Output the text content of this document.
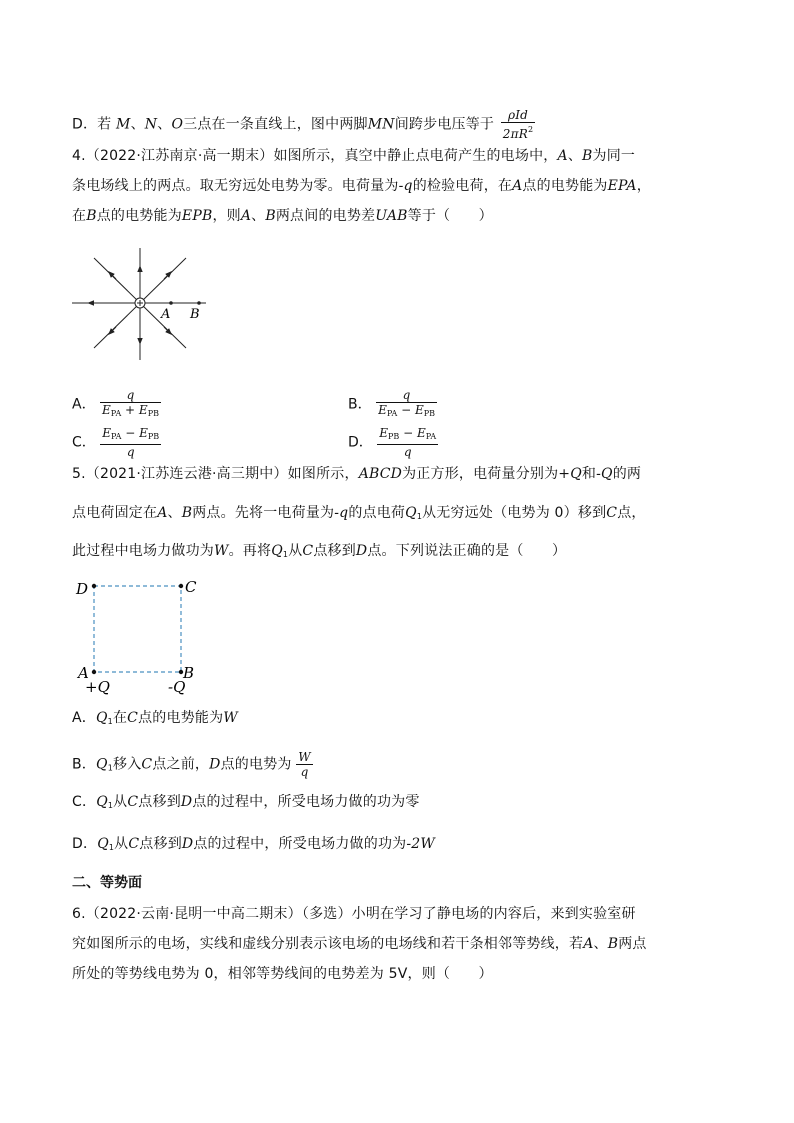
D．若 M、N、O三点在一条直线上，图中两脚MN间跨步电压等于 $\frac{\text{ρId}}{2\pi R^2}$
4.（2022·江苏南京·高一期末）如图所示，真空中静止点电荷产生的电场中，A、B为同一
条电场线上的两点。取无穷远处电势为零。电荷量为-q的检验电荷，在A点的电势能为EPA，
在B点的电势能为EPB，则A、B两点间的电势差UAB等于（　　）
A B
A． $\frac{q}{E_{PA} + E_{PB}}$	B． $\frac{q}{E_{PA} - E_{PB}}$
C． $\frac{E_{PA} - E_{PB}}{q}$	D． $\frac{E_{PB} - E_{PA}}{q}$
5.（2021·江苏连云港·高三期中）如图所示，ABCD为正方形，电荷量分别为+Q和-Q的两
点电荷固定在A、B两点。先将一电荷量为-q的点电荷$Q_1$从无穷远处（电势为 0）移到C点，
此过程中电场力做功为W。再将$Q_1$从C点移到D点。下列说法正确的是（　　）
D	C
A	B
+Q	-Q
A．$Q_1$在C点的电势能为W
B．$Q_1$移入C点之前，D点的电势为 $\frac{W}{q}$
C．$Q_1$从C点移到D点的过程中，所受电场力做的功为零
D．$Q_1$从C点移到D点的过程中，所受电场力做的功为-2W
二、等势面
6.（2022·云南·昆明一中高二期末）（多选）小明在学习了静电场的内容后，来到实验室研
究如图所示的电场，实线和虚线分别表示该电场的电场线和若干条相邻等势线，若A、B两点
所处的等势线电势为 0，相邻等势线间的电势差为 5V，则（　　）
